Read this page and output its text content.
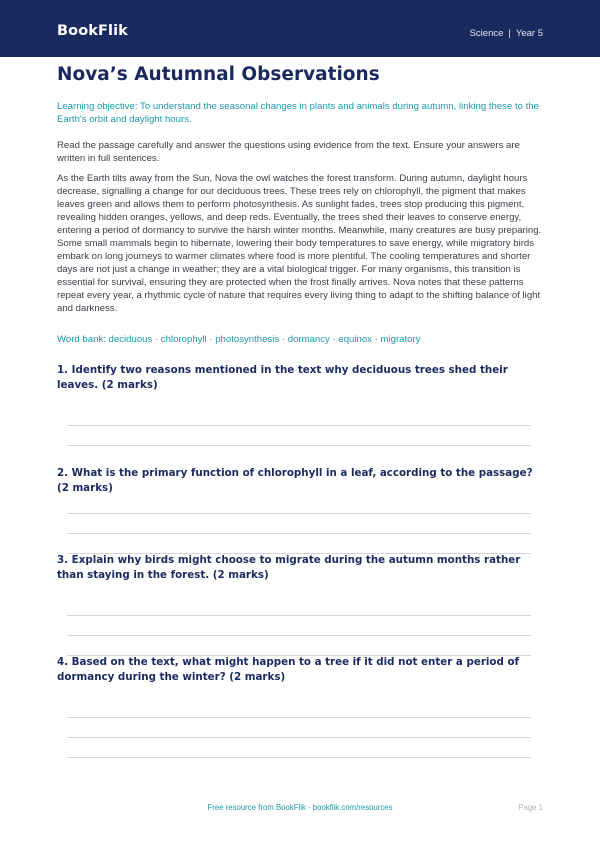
BookFlik	Science | Year 5
Nova’s Autumnal Observations
Learning objective: To understand the seasonal changes in plants and animals during autumn, linking these to the Earth's orbit and daylight hours.
Read the passage carefully and answer the questions using evidence from the text. Ensure your answers are written in full sentences.
As the Earth tilts away from the Sun, Nova the owl watches the forest transform. During autumn, daylight hours decrease, signalling a change for our deciduous trees. These trees rely on chlorophyll, the pigment that makes leaves green and allows them to perform photosynthesis. As sunlight fades, trees stop producing this pigment, revealing hidden oranges, yellows, and deep reds. Eventually, the trees shed their leaves to conserve energy, entering a period of dormancy to survive the harsh winter months. Meanwhile, many creatures are busy preparing. Some small mammals begin to hibernate, lowering their body temperatures to save energy, while migratory birds embark on long journeys to warmer climates where food is more plentiful. The cooling temperatures and shorter days are not just a change in weather; they are a vital biological trigger. For many organisms, this transition is essential for survival, ensuring they are protected when the frost finally arrives. Nova notes that these patterns repeat every year, a rhythmic cycle of nature that requires every living thing to adapt to the shifting balance of light and darkness.
Word bank: deciduous · chlorophyll · photosynthesis · dormancy · equinox · migratory
1. Identify two reasons mentioned in the text why deciduous trees shed their leaves. (2 marks)
2. What is the primary function of chlorophyll in a leaf, according to the passage? (2 marks)
3. Explain why birds might choose to migrate during the autumn months rather than staying in the forest. (2 marks)
4. Based on the text, what might happen to a tree if it did not enter a period of dormancy during the winter? (2 marks)
Free resource from BookFlik · bookflik.com/resources	Page 1
